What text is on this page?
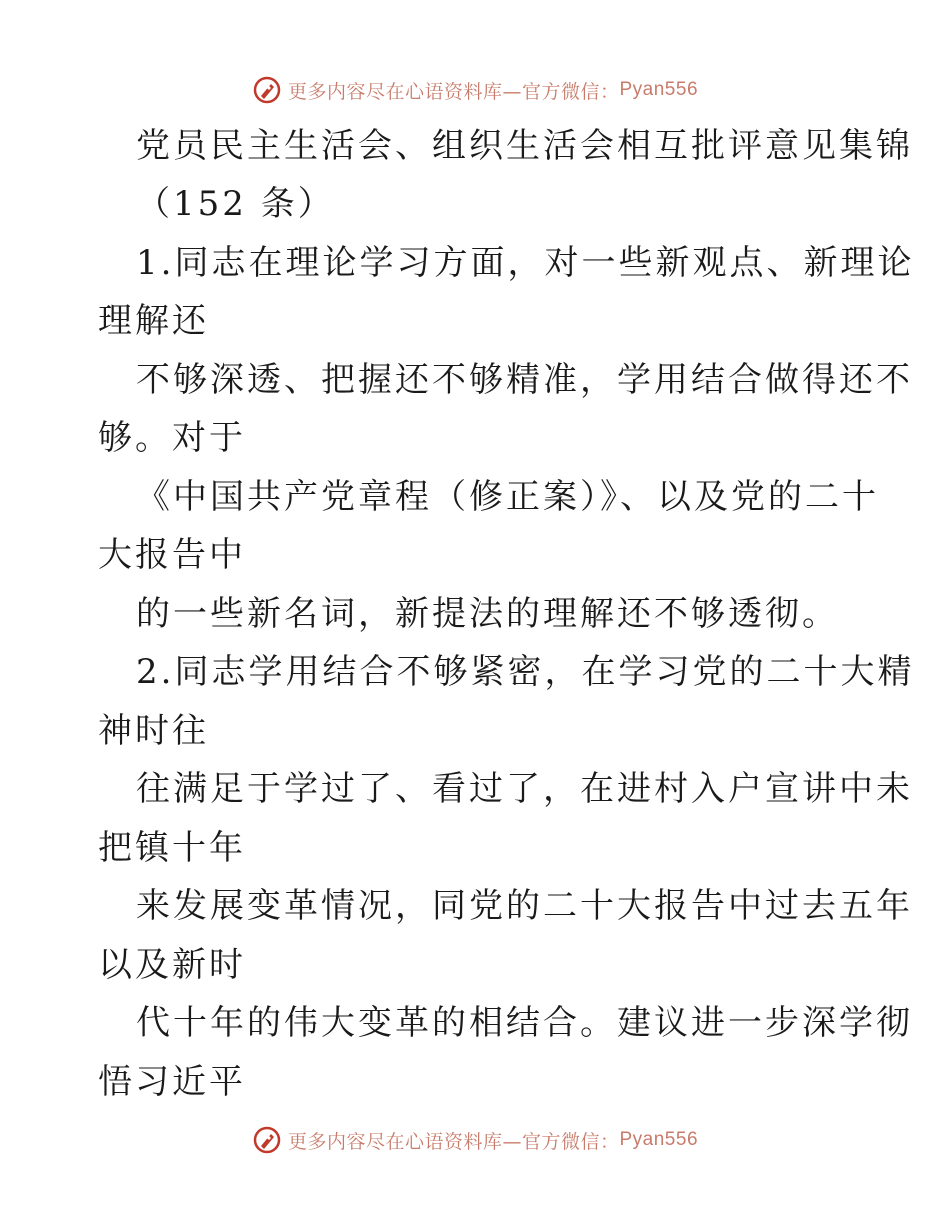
更多内容尽在心语资料库—官方微信： Pyan556
党员民主生活会、组织生活会相互批评意见集锦
（152 条）
1.同志在理论学习方面，对一些新观点、新理论
理解还
不够深透、把握还不够精准，学用结合做得还不
够。对于
《中国共产党章程（修正案）》、以及党的二十
大报告中
的一些新名词，新提法的理解还不够透彻。
2.同志学用结合不够紧密，在学习党的二十大精
神时往
往满足于学过了、看过了，在进村入户宣讲中未
把镇十年
来发展变革情况，同党的二十大报告中过去五年
以及新时
代十年的伟大变革的相结合。建议进一步深学彻
悟习近平
更多内容尽在心语资料库—官方微信： Pyan556
